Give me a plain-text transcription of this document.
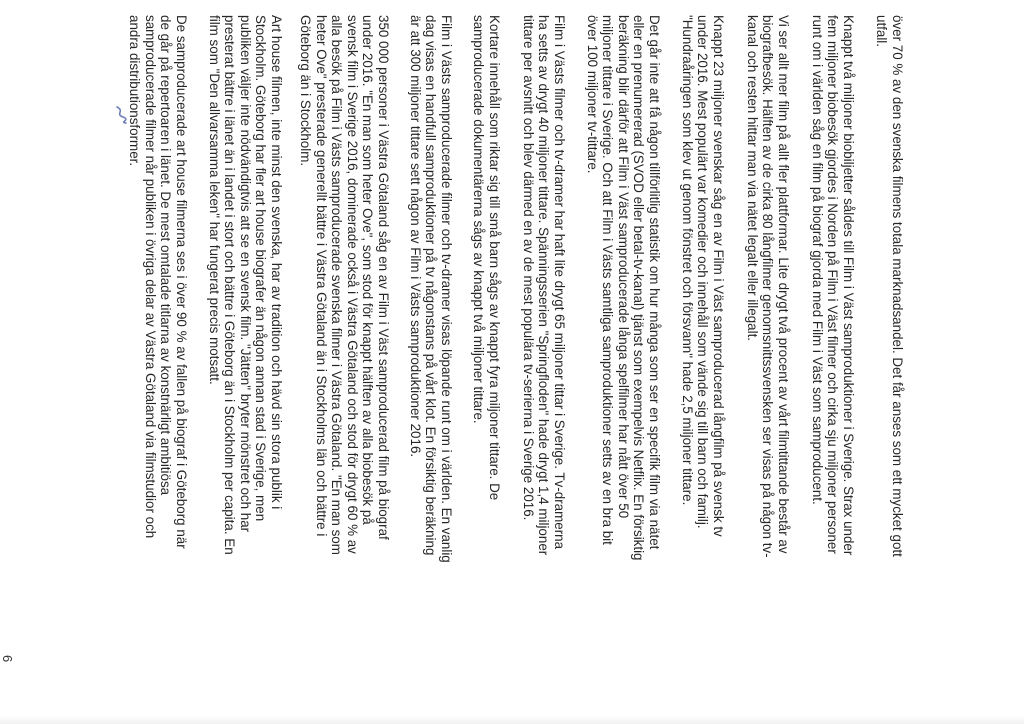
över 70 % av den svenska filmens totala marknadsandel. Det får anses som ett mycket gott
utfall.
Knappt två miljoner biobiljetter såldes till Film i Väst samproduktioner i Sverige. Strax under
fem miljoner biobesök gjordes i Norden på Film i Väst filmer och cirka sju miljoner personer
runt om i världen såg en film på biograf gjorda med Film i Väst som samproducent.
Vi ser allt mer film på allt fler plattformar. Lite drygt två procent av vårt filmtittande består av
biografbesök. Hälften av de cirka 80 långfilmer genomsnittssvensken ser visas på någon tv-
kanal och resten hittar man via nätet legalt eller illegalt.
Knappt 23 miljoner svenskar såg en av Film i Väst samproducerad långfilm på svensk tv
under 2016. Mest populärt var komedier och innehåll som vände sig till barn och familj.
"Hundraåringen som klev ut genom fönstret och försvann" hade 2,5 miljoner tittare.
Det går inte att få någon tillförlitlig statistik om hur många som ser en specifik film via nätet
eller en prenumererad (SVOD eller betal-tv-kanal) tjänst som exempelvis Netflix. En försiktig
beräkning blir därför att Film i Väst samproducerade långa spelfilmer har nått över 50
miljoner tittare i Sverige. Och att Film i Västs samtliga samproduktioner setts av en bra bit
över 100 miljoner tv-tittare.
Film i Västs filmer och tv-dramer har haft lite drygt 65 miljoner tittar i Sverige. Tv-dramerna
ha setts av drygt 40 miljoner tittare. Spänningsserien "Springfloden" hade drygt 1,4 miljoner
tittare per avsnitt och blev därmed en av de mest populära tv-serierna i Sverige 2016.
Kortare innehåll som riktar sig till små barn sågs av knappt fyra miljoner tittare. De
samproducerade dokumentärerna sågs av knappt två miljoner tittare.
Film i Västs samproducerade filmer och tv-dramer visas löpande runt om i världen. En vanlig
dag visas en handfull samproduktioner på tv någonstans på vårt klot. En försiktig beräkning
är att 300 miljoner tittare sett någon av Film i Västs samproduktioner 2016.
350 000 personer i Västra Götaland såg en av Film i Väst samproducerad film på biograf
under 2016. "En man som heter Ove", som stod för knappt hälften av alla biobesök på
svensk film i Sverige 2016, dominerade också i Västra Götaland och stod för drygt 60 % av
alla besök på Film i Västs samproducerade svenska filmer i Västra Götaland. "En man som
heter Ove" presterade generellt bättre i Västra Götaland än i Stockholms län och bättre i
Göteborg än i Stockholm.
Art house filmen, inte minst den svenska, har av tradition och hävd sin stora publik i
Stockholm. Göteborg har fler art house biografer än någon annan stad i Sverige, men
publiken väljer inte nödvändigtvis att se en svensk film. "Jätten" bryter mönstret och har
presterat bättre i länet än i landet i stort och bättre i Göteborg än i Stockholm per capita. En
film som "Den allvarsamma leken" har fungerat precis motsatt.
De samproducerade art house filmerna ses i över 90 % av fallen på biograf i Göteborg när
de går på repertoaren i länet. De mest omtalade titlarna av konstnärligt ambitiösa
samproducerade filmer når publiken i övriga delar av Västra Götaland via filmstudior och
andra distributionsformer.
6
